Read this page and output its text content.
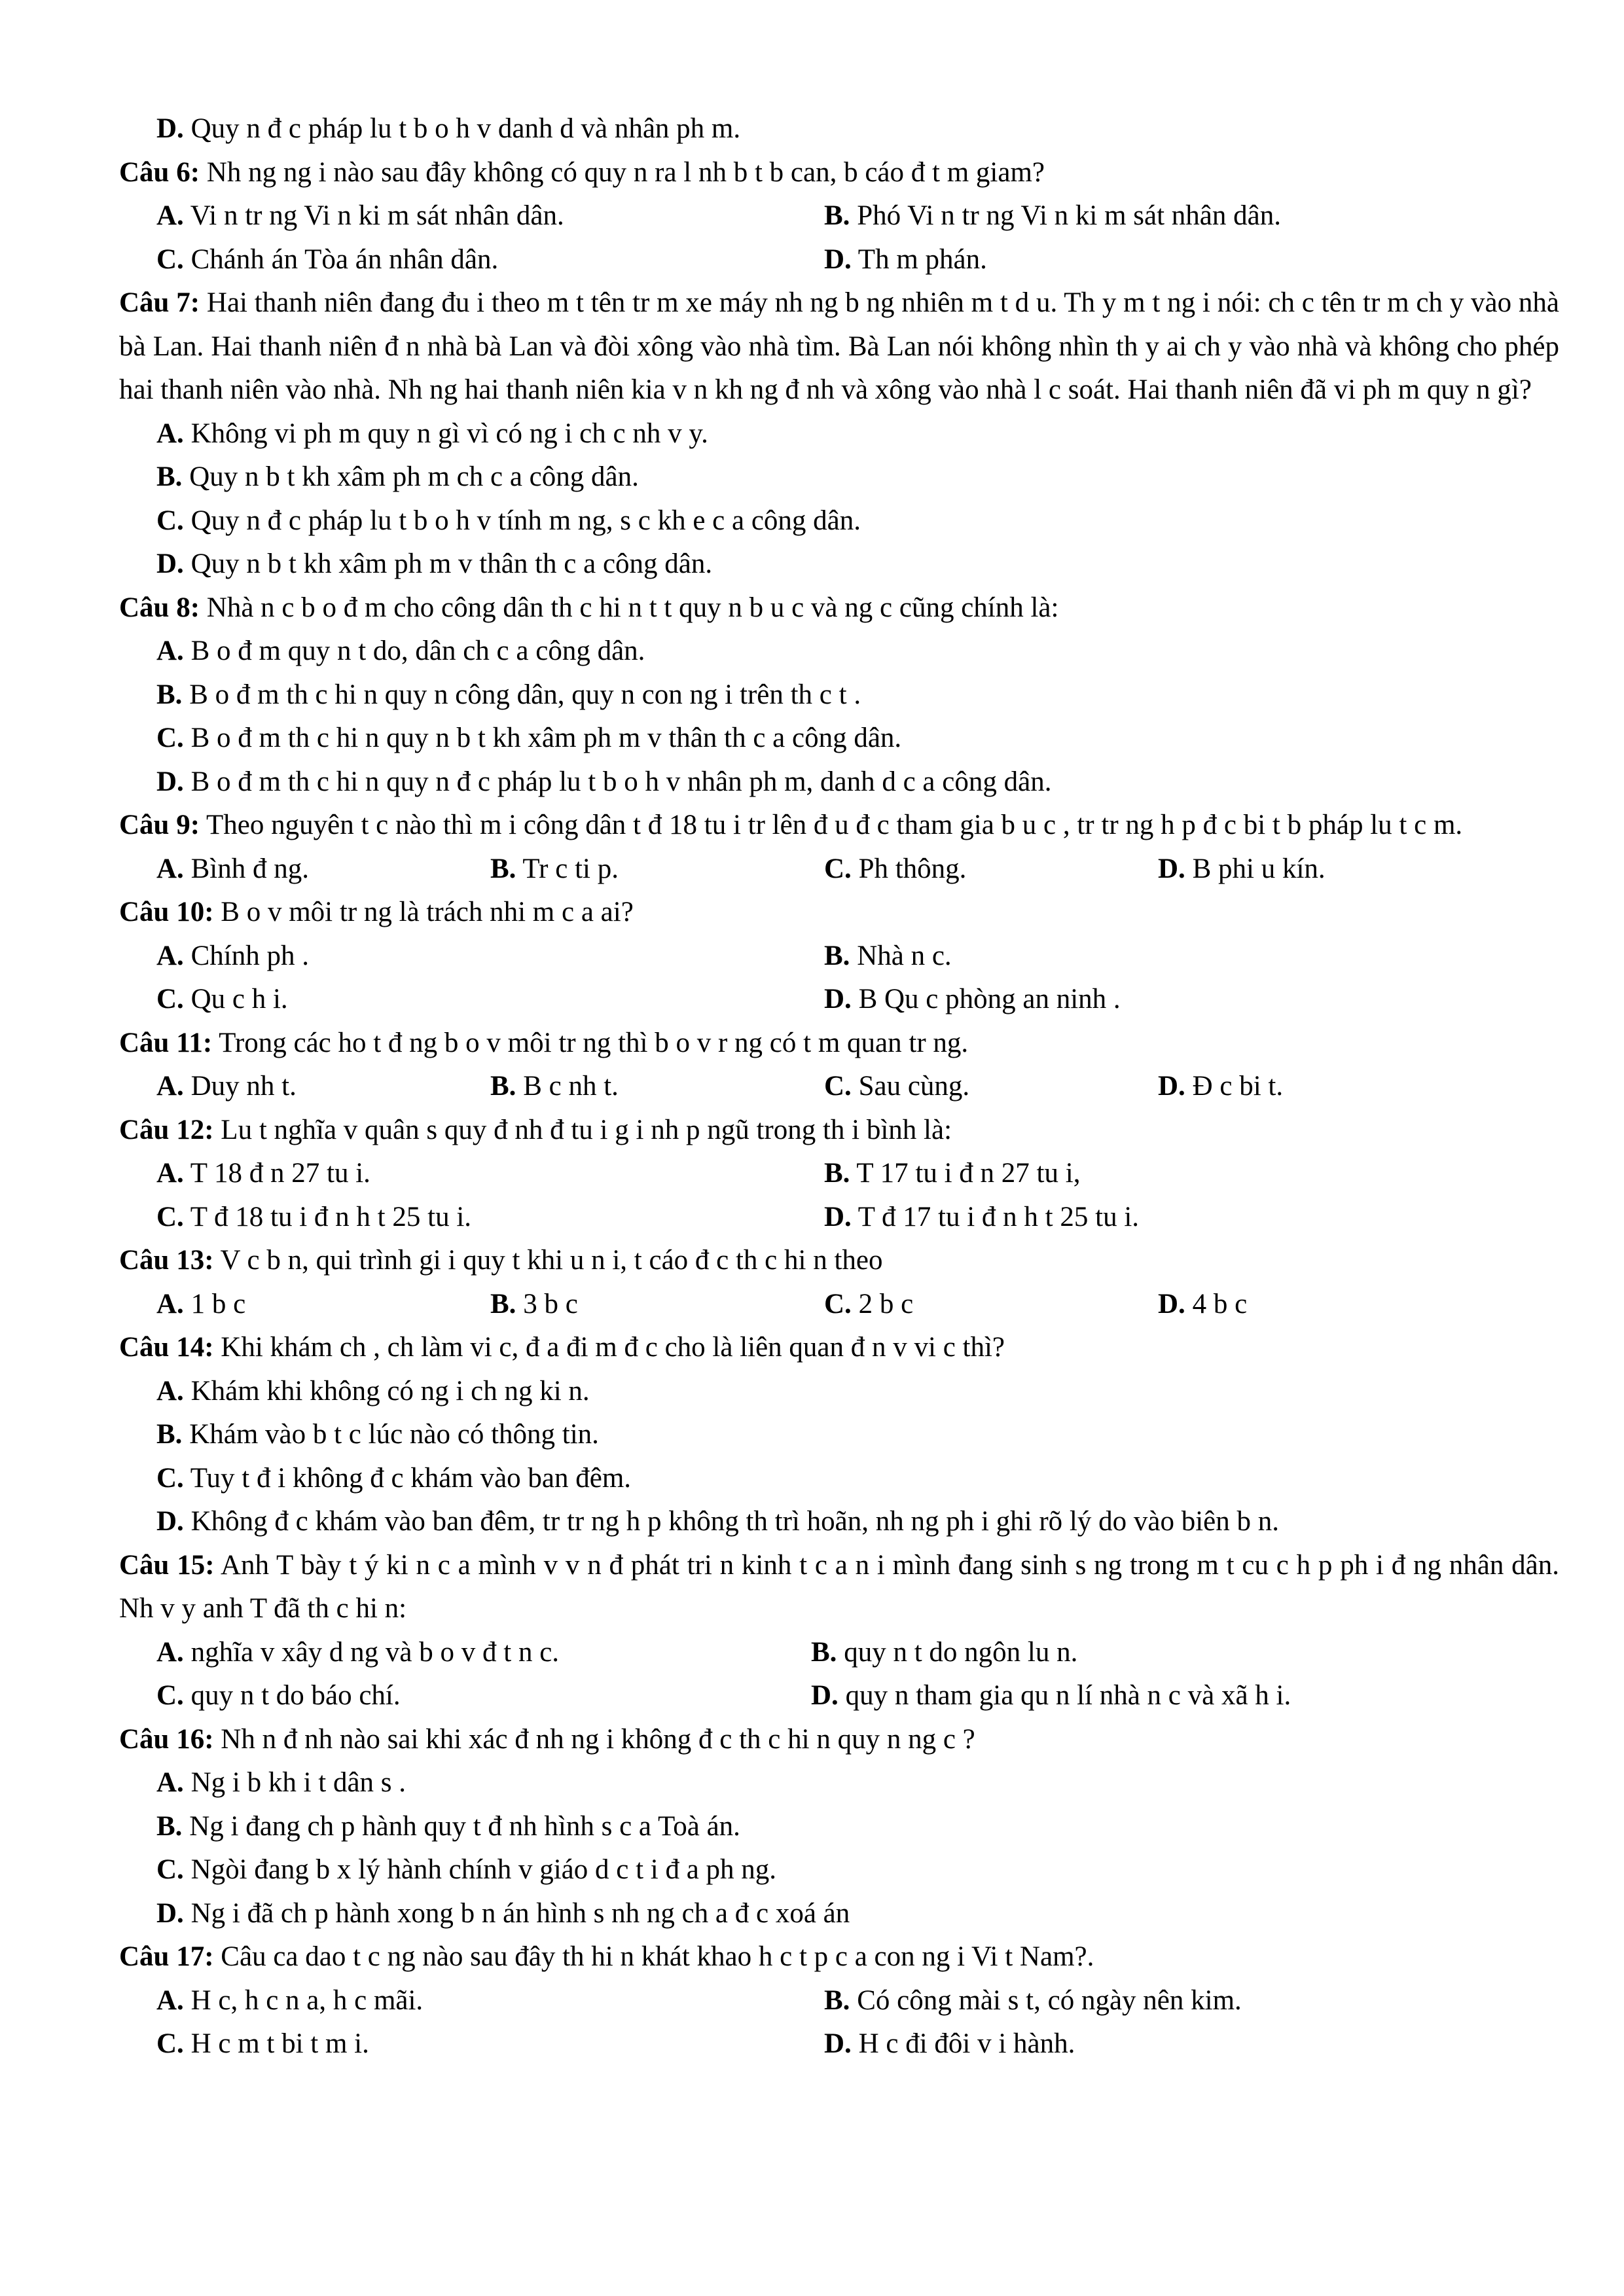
D. Quy n đ c pháp lu t b o h v danh d và nhân ph m.
Câu 6: Nh ng ng i nào sau đây không có quy n ra l nh b t b can, b cáo đ t m giam?
A. Vi n tr ng Vi n ki m sát nhân dân.	B. Phó Vi n tr ng Vi n ki m sát nhân dân.
C. Chánh án Tòa án nhân dân.	D. Th m phán.
Câu 7: Hai thanh niên đang đu i theo m t tên tr m xe máy nh ng b ng nhiên m t d u. Th y m t ng i nói: ch c tên tr m ch y vào nhà bà Lan. Hai thanh niên đ n nhà bà Lan và đòi xông vào nhà tìm. Bà Lan nói không nhìn th y ai ch y vào nhà và không cho phép hai thanh niên vào nhà. Nh ng hai thanh niên kia v n kh ng đ nh và xông vào nhà l c soát. Hai thanh niên đã vi ph m quy n gì?
A. Không vi ph m quy n gì vì có ng i ch c nh v y.
B. Quy n b t kh xâm ph m ch c a công dân.
C. Quy n đ c pháp lu t b o h v tính m ng, s c kh e c a công dân.
D. Quy n b t kh xâm ph m v thân th c a công dân.
Câu 8: Nhà n c b o đ m cho công dân th c hi n t t quy n b u c và ng c cũng chính là:
A. B o đ m quy n t do, dân ch c a công dân.
B. B o đ m th c hi n quy n công dân, quy n con ng i trên th c t .
C. B o đ m th c hi n quy n b t kh xâm ph m v thân th c a công dân.
D. B o đ m th c hi n quy n đ c pháp lu t b o h v nhân ph m, danh d c a công dân.
Câu 9: Theo nguyên t c nào thì m i công dân t đ 18 tu i tr lên đ u đ c tham gia b u c , tr tr ng h p đ c bi t b pháp lu t c m.
A. Bình đ ng.	B. Tr c ti p.	C. Ph thông.	D. B phi u kín.
Câu 10: B o v môi tr ng là trách nhi m c a ai?
A. Chính ph .	B. Nhà n c.
C. Qu c h i.	D. B Qu c phòng an ninh .
Câu 11: Trong các ho t đ ng b o v môi tr ng thì b o v r ng có t m quan tr ng.
A. Duy nh t.	B. B c nh t.	C. Sau cùng.	D. Đ c bi t.
Câu 12: Lu t nghĩa v quân s quy đ nh đ tu i g i nh p ngũ trong th i bình là:
A. T 18 đ n 27 tu i.	B. T 17 tu i đ n 27 tu i,
C. T đ 18 tu i đ n h t 25 tu i.	D. T đ 17 tu i đ n h t 25 tu i.
Câu 13: V c b n, qui trình gi i quy t khi u n i, t cáo đ c th c hi n theo
A. 1 b c	B. 3 b c	C. 2 b c	D. 4 b c
Câu 14: Khi khám ch , ch làm vi c, đ a đi m đ c cho là liên quan đ n v vi c thì?
A. Khám khi không có ng i ch ng ki n.
B. Khám vào b t c lúc nào có thông tin.
C. Tuy t đ i không đ c khám vào ban đêm.
D. Không đ c khám vào ban đêm, tr tr ng h p không th trì hoãn, nh ng ph i ghi rõ lý do vào biên b n.
Câu 15: Anh T bày t ý ki n c a mình v v n đ phát tri n kinh t c a n i mình đang sinh s ng trong m t cu c h p ph i đ ng nhân dân. Nh v y anh T đã th c hi n:
A. nghĩa v xây d ng và b o v đ t n c.	B. quy n t do ngôn lu n.
C. quy n t do báo chí.	D. quy n tham gia qu n lí nhà n c và xã h i.
Câu 16: Nh n đ nh nào sai khi xác đ nh ng i không đ c th c hi n quy n ng c ?
A. Ng i b kh i t dân s .
B. Ng i đang ch p hành quy t đ nh hình s c a Toà án.
C. Ngòi đang b x lý hành chính v giáo d c t i đ a ph ng.
D. Ng i đã ch p hành xong b n án hình s nh ng ch a đ c xoá án
Câu 17: Câu ca dao t c ng nào sau đây th hi n khát khao h c t p c a con ng i Vi t Nam?.
A. H c, h c n a, h c mãi.	B. Có công mài s t, có ngày nên kim.
C. H c m t bi t m i.	D. H c đi đôi v i hành.
